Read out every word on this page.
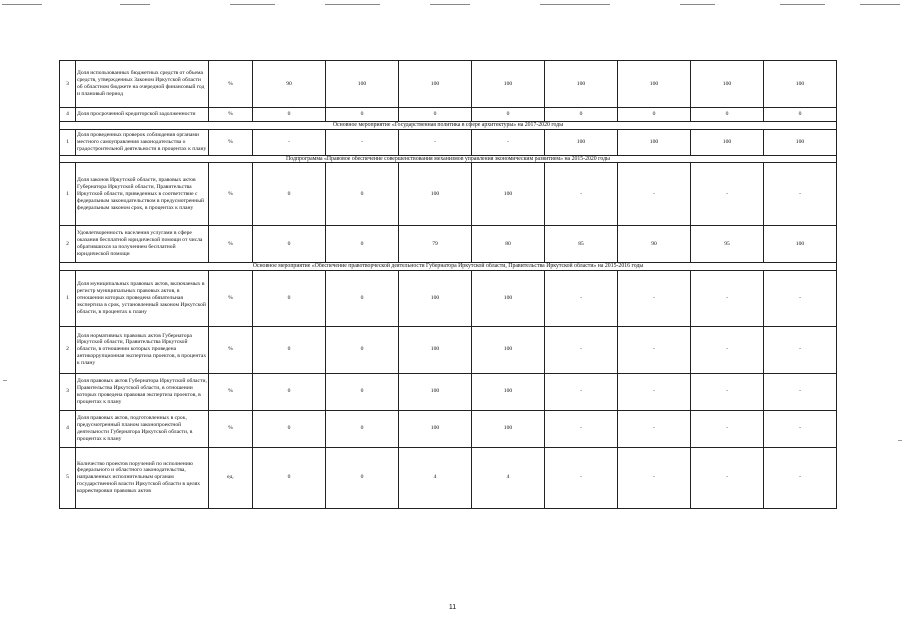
3	Доля использованных бюджетных средств от объема средств, утвержденных Законом Иркутской области об областном бюджете на очередной финансовый год и плановый период	%	90	100	100	100	100	100	100	100
4	Доля просроченной кредиторской задолженности	%	0	0	0	0	0	0	0	0
Основное мероприятие «Государственная политика в сфере архитектуры» на 2017-2020 годы										
1	Доля проведенных проверок соблюдения органами местного самоуправления законодательства о градостроительной деятельности в процентах к плану	%	-	-	-	-	100	100	100	100
Подпрограмма «Правовое обеспечение совершенствования механизмов управления экономическим развитием» на 2015-2020 годы										
1	Доля законов Иркутской области, правовых актов Губернатора Иркутской области, Правительства Иркутской области, приведенных в соответствие с федеральным законодательством в предусмотренный федеральным законом срок, в процентах к плану	%	0	0	100	100	-	-	-	-
2	Удовлетворенность населения услугами в сфере оказания бесплатной юридической помощи от числа обратившихся за получением бесплатной юридической помощи	%	0	0	79	80	85	90	95	100
Основное мероприятие «Обеспечение правотворческой деятельности Губернатора Иркутской области, Правительства Иркутской области» на 2015-2016 годы										
1	Доля муниципальных правовых актов, включаемых в регистр муниципальных правовых актов, в отношении которых проведена обязательная экспертиза в срок, установленный законом Иркутской области, в процентах к плану	%	0	0	100	100	-	-	-	-
2	Доля нормативных правовых актов Губернатора Иркутской области, Правительства Иркутской области, в отношении которых проведена антикоррупционная экспертиза проектов, в процентах к плану	%	0	0	100	100	-	-	-	-
3	Доля правовых актов Губернатора Иркутской области, Правительства Иркутской области, в отношении которых проведена правовая экспертиза проектов, в процентах к плану	%	0	0	100	100	-	-	-	-
4	Доля правовых актов, подготовленных в срок, предусмотренный планом законопроектной деятельности Губернатора Иркутской области, в процентах к плану	%	0	0	100	100	-	-	-	-
5	Количество проектов поручений по исполнению федерального и областного законодательства, направленных исполнительным органам государственной власти Иркутской области в целях корректировки правовых актов	ед.	0	0	4	4	-	-	-	-
11
